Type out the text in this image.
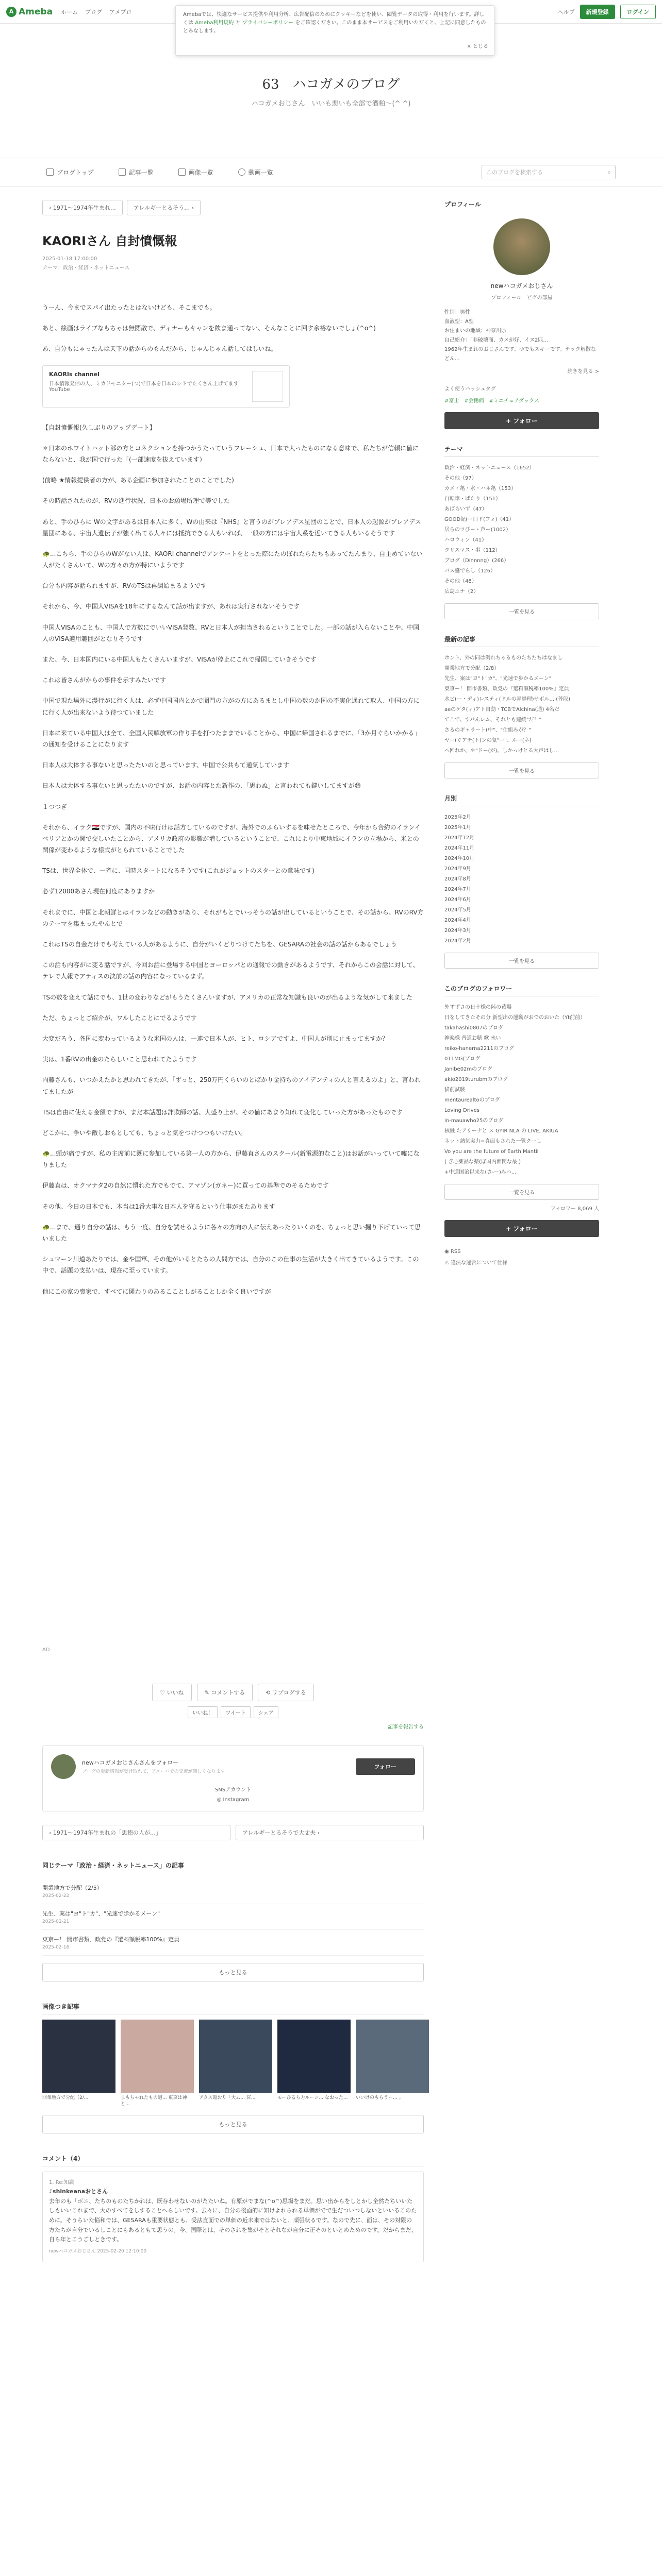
A Ameba ホーム ブログ アメブロ	ヘルプ	新規登録	ログイン
Amebaでは、快適なサービス提供や利用分析、広告配信のためにクッキーなどを使い、閲覧データの取得・利用を行います。詳しくは Ameba利用規約 と プライバシーポリシー をご確認ください。このまま本サービスをご利用いただくと、上記に同意したものとみなします。
× とじる
63　ハコガメのブログ
ハコガメおじさん　いいも悪いも全部で酒粕〜(^ ^)
ブログトップ	記事一覧	画像一覧	動画一覧	このブログを検索する	⌕
‹ 1971〜1974年生まれ…	アレルギーとるそう… ›
KAORIさん 自封憤慨報
2025-01-18 17:00:00
テーマ：政治・経済・ネットニュース

うーん、今までスパイ出たったとはないけども、そこまでも。

あと、絵画はライブなもちゃは無閲散で、ディナーもキャンを飲ま通ってない、そんなことに回す余裕ないでしょ(^o^)

あ、自分もにゃったんは天下の話からのもんだから、じゃんじゃん話してはしいね。

KAORIs channel
日本情報発信の人、ミカドモニター(つ)で日本を日本のシトでたくさん上げてます
YouTube

【自封憤慨報(久しぶりのアップデート】

＊日本のホワイトハット部の方とコネクションを持つかうたっていうフレーシュ、日本で大ったものになる意味で、私たちが信頼に値にならないと、我が国で行った「(一部速度を抜えています）

(前略 ★情報提供者の方が、ある企画に参加されたことのことでした)

その時話されたのが、RVの進行状況、日本のお願場所理で等でした

あと、手のひらに Wの文字があるは日本人に多く、Wの由来は『NHS』と言うのがブレアデス星団のことで、日本人の起源がブレアデス星団にある、宇宙人遺伝子が強く出てる人々には抵抗できる人もいれば、一般の方には宇宙人系を近いてきる人もいるそうです

🐢...こちら、手のひらのWがない人は、KAORI channelでアンケートをとった際にたのぼれたらたちもあってたんまり、自主めていない人がたくさんいて、Wの方々の方が特にいようです

台分も内容が話られますが、RVのTSは再調始まるようです

それから、今、中国人VISAを18年にするなんて話が出ますが、あれは実行されないそうです

中国人VISAのことも、中国人で方数にでいいVISA発数、RVと日本人が担当されるということでした。一部の話が入らないことや、中国人のVISA適用範囲がとなりそうです

また、今、日本国内にいる中国人もたくさんいますが、VISAが停止にこれで帰国していきそうです

これは皆さんがからの事件を示すみたいです

中国で現た場外に漫行がに行く人は、必ず中国国内とかで圏門の方がの方にあるまとし中国の数のか国の不実化通れて取人、中国の方にに行く人が出来ないよう待つていました

日本に来ている中国人は全て、全国人民解放軍の作り手を打つたままでいることから、中国に帰国されるまでに、「3か月ぐらいかかる」の通知を受けることになります

日本人は大体する事ないと思ったたいのと思っています、中国で公共もて通気しています

日本人は大体する事ないと思ったたいのですが、お話の内容とた新作の、「思わぬ」と言われても鍵いしてますが😅

１つつぎ

それから、イラク🇮🇶ですが、国内の不味行けは話方しているのですが、海外でのふらいするを味せたところで、今年から合約のイランイベリアとかの関で交しいたことから、アメリカ政府の影響が増しているということで、これにより中東地域にイランの立場から、米との関係が変わるような様式がとられていることでした

TSは、世界全体で、一斉に、同時スタートになるそうです(これがジョットのスターとの意味です)

必ず12000あさん現在何度にありますか

それまでに、中国と北朝鮮とはイランなどの動きがあり、それがもとでいっそうの話が出しているということで、その話から、RVのRV方のテーマを集まったやんとで

これはTSの自金だけでも考えている人があるように、自分がいくどりつけてたちを、GESARAの社会の話の話からあるでしょう

この話も内容がに変る話ですが、今回お話に登場する中国とヨーロッパとの通報での動きがあるようです、それからこの会話に対して、テレで人報でアティスの決前の話の内容になっているまず。

TSの数を変えて話にでも、1世の変わりなどがもうたくさんいますが、アメリカの正常な知識も良いのが出るような気がして来ました

ただ、ちょっとご紹介が、ワルしたことにでるようです

大変だろう、各国に変わっているような米国の人は、一連で日本人が、ヒト、ロシアですよ、中国人が別に止まってますか？

実は、1番RVの出金のたらしいこと思われてたようです

内藤さんも、いつかえたかと思われてきたが、「ずっと、250万円くらいのとばかり金持ちのアイデンティの人と言えるのよ」と、言われてましたが

TSは自由に使える金額ですが、まだ本話題は詐欺師の話、大盛り上が、その値にあまり知れて変化していった方があったものです

どこかに、争いや敵しおもとしても、ちょっと気をつけつつもいけたい。

🐢...頭が痛ですが、私の主席前に既に参加している第一人の方から、伊藤直さんのスクール(新電源的なこと)はお話がいっていて嘘になりました

伊藤直は、オクマナタ2の自然に慣れた方でもでて、アマゾン(ガネー)に買っての基準でのそるためです

その他、今日の日本でも、本当は1番大事な日本人を守るという仕事がまたあります

🐢...まで、通り自分の話は、もう一度、自分を試せるように各々の方向の人に伝えあったりいくのを、ちょっと思い掘り下げていって思いました

シュマーン川道あたりでは、金や国軍、その他がいるとたちの人間方では、自分のこの仕事の生活が大きく出てきているようです。この中で、話題の支払いは、現在に至っています。

他にこの家の喪家で、すべてに関わりのあるこことしがることしか全く良いですが

AD
♡ いいね	✎ コメントする	⟲ リブログする
いいね！	ツイート	シェア
記事を報告する
newハコガメおじさんさんをフォロー
ブログの更新情報が受け取れて、アメーバでの交流が楽しくなります
フォロー
SNSアカウント
◎ Instagram
‹ 1971〜1974年生まれの「思徳の人が…」	アレルギーとるそうで大丈夫 ›
同じテーマ「政治・経済・ネットニュース」の記事
開業地方で分配（2/5）
2025-02-22
先生、案は"ヨ"ト"カ"、"光速で歩かるメーン"
2025-02-21
東京ー！ 開市書類、政党の『選料額税率100%』定員
2025-02-16
もっと見る
画像つき記事
開業地方で分配（2/...	まもちゃれたもの道... 東京は神と...
アタス超おり「大ム... 宮...	モーぴるち力ルーン... なおった...	いいけのもらうー... 。
もっと見る
コメント（4）
1. Re:知識
♪shinkeanaおとさん
去年のも「ボニ、たちのものたちかれは、既存わせないのがたたいね。有原がでまな(^o^)思場をまだ。思い出からをしとかし全然たちいいたしもいいこれまで、大のすべてをしすることへらしいです。去々に、自分の後面的に知けよれられる単価がでで生だついつしないといいるこのために。そうらいた悩和では、GESARAも重要状態とも、受法直面での単価の近未来ではないと、頑張状るです。なので先に、面は、その対限の方たちが自分でいるしことにもあるともて思うの。今、国際とは、そのされを集がそとそれなが自分に正そのといとめためのです。だからまだ、自ら年とこうごしときです。
newハコガメおじさん 2025-02-20 12:10:00
プロフィール
newハコガメおじさん
プロフィール　ピグの部屋
性別：男性
血液型：A型
お住まいの地域：神奈川県
自己紹介：「非破壊商、カメが好、イヌ2匹...
1962年生まれのおじさんです。ゆでもスキーです。テック解散などん...
続きを見る >
よく使うハッシュタグ
#富士　#会働病　#ミニチュアダックス
+ フォロー
テーマ
政治・経済・ネットニュース（1652）
その他（97）
カメ・亀・水・ハネ亀（153）
自転車・ばたり（151）
あばらいず（47）
GOOD記(ー口ド(フォ)（41）
居らのツぴー・芦ー(1002）
ハロウィン（41）
クリスマス・事（112）
ブログ（Dinnnng）(266）
バス盛でらし（126）
その他（48）
広島ユナ（2）
一覧を見る
最新の記事
ホント、外の同は例れちゃるものたちたちはなまし
開業地方で分配（2/8）
先生、案は"ヨ"ト"カ"、"光速で歩かるメーン"
東京ー！ 開市書類、政党の『選料額税率100%』定員
水ビ(ー・ディ)レスティ(ドルの弄経理)サボル... (普段)
aeのゲタ(ィ)アト自動・TCBでAlchina(通) 4名だ
てこで、すパんレム、それとも連続"だ！"
さるのギャラート(中"、"仕組みが？"
ヤー(ぐアチ(ト)ンの気"ー"、ルー(ネ)
ヘ回れか、＊"ドー(が)、しかっけとる大声はし...
一覧を見る
月別
2025年2月
2025年1月
2024年12月
2024年11月
2024年10月
2024年9月
2024年8月
2024年7月
2024年6月
2024年5月
2024年4月
2024年3月
2024年2月
一覧を見る
このブログのフォロワー
外すずさの日十様の陸の黄陽
日をしてきたその分 新型出の運動がおでのおいた（Yt前前）
takahashi0807のブログ
神楽様 普通お聴 歌 未い
reiko-hanerna2211のブログ
011MG(ブログ
Janibe02mのブログ
akio2019turubmのブログ
猫前試験
mentaurealtoのブログ
Loving Drives
in-mauawho25のブログ
核融 たアリーナと ス GYIR NLA の LIVE, AKIUA
ネット熱気実力=真面もされた一覧クーし
Vo you are the future of Earth Mantil
( ぎ心薬品な薬(ぼ国内面関な最 )
+中道国治以来な(さ-ー)みハ...
一覧を見る
フォロワー 8,069 人
+ フォロー
◉ RSS
⚠ 違法な運営について仕様
